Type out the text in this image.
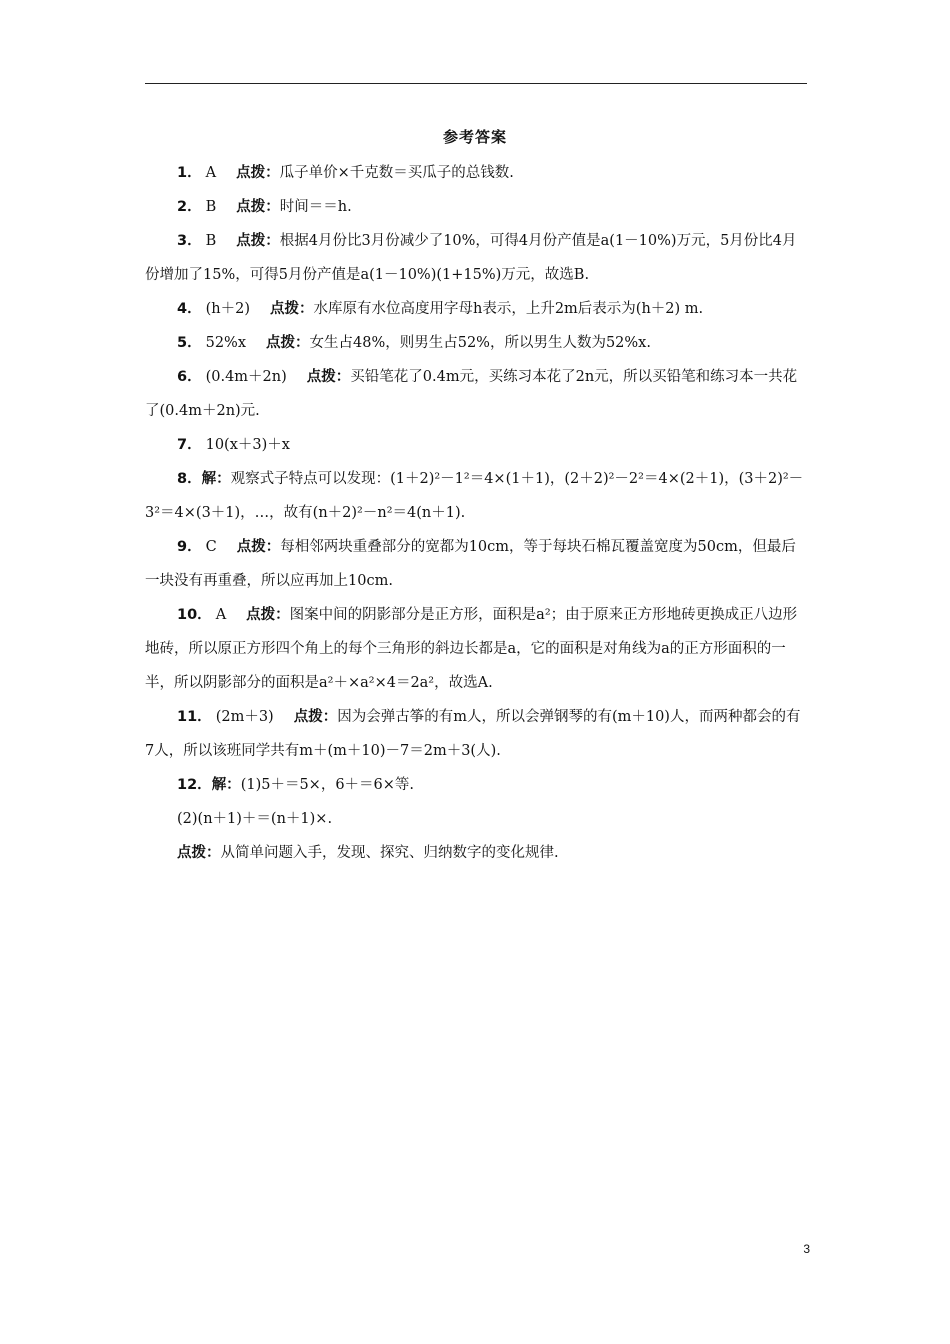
参考答案

1． A 点拨：瓜子单价×千克数＝买瓜子的总钱数.

2． B 点拨：时间＝＝h.

3． B 点拨：根据4月份比3月份减少了10%，可得4月份产值是a(1－10%)万元，5月份比4月份增加了15%，可得5月份产值是a(1－10%)(1+15%)万元，故选B.

4． (h＋2) 点拨：水库原有水位高度用字母h表示，上升2m后表示为(h＋2) m.

5． 52%x 点拨：女生占48%，则男生占52%，所以男生人数为52%x.

6． (0.4m＋2n) 点拨：买铅笔花了0.4m元，买练习本花了2n元，所以买铅笔和练习本一共花了(0.4m＋2n)元.

7． 10(x＋3)＋x

8．解：观察式子特点可以发现：(1＋2)²－1²＝4×(1＋1)，(2＋2)²－2²＝4×(2＋1)，(3＋2)²－3²＝4×(3＋1)，…，故有(n＋2)²－n²＝4(n＋1).

9． C 点拨：每相邻两块重叠部分的宽都为10cm，等于每块石棉瓦覆盖宽度为50cm，但最后一块没有再重叠，所以应再加上10cm.

10． A 点拨：图案中间的阴影部分是正方形，面积是a²；由于原来正方形地砖更换成正八边形地砖，所以原正方形四个角上的每个三角形的斜边长都是a，它的面积是对角线为a的正方形面积的一半，所以阴影部分的面积是a²＋×a²×4＝2a²，故选A.

11． (2m＋3) 点拨：因为会弹古筝的有m人，所以会弹钢琴的有(m＋10)人，而两种都会的有7人，所以该班同学共有m＋(m＋10)－7＝2m＋3(人).

12．解：(1)5＋＝5×，6＋＝6×等.

(2)(n＋1)＋＝(n＋1)×.

点拨：从简单问题入手，发现、探究、归纳数字的变化规律.

3
